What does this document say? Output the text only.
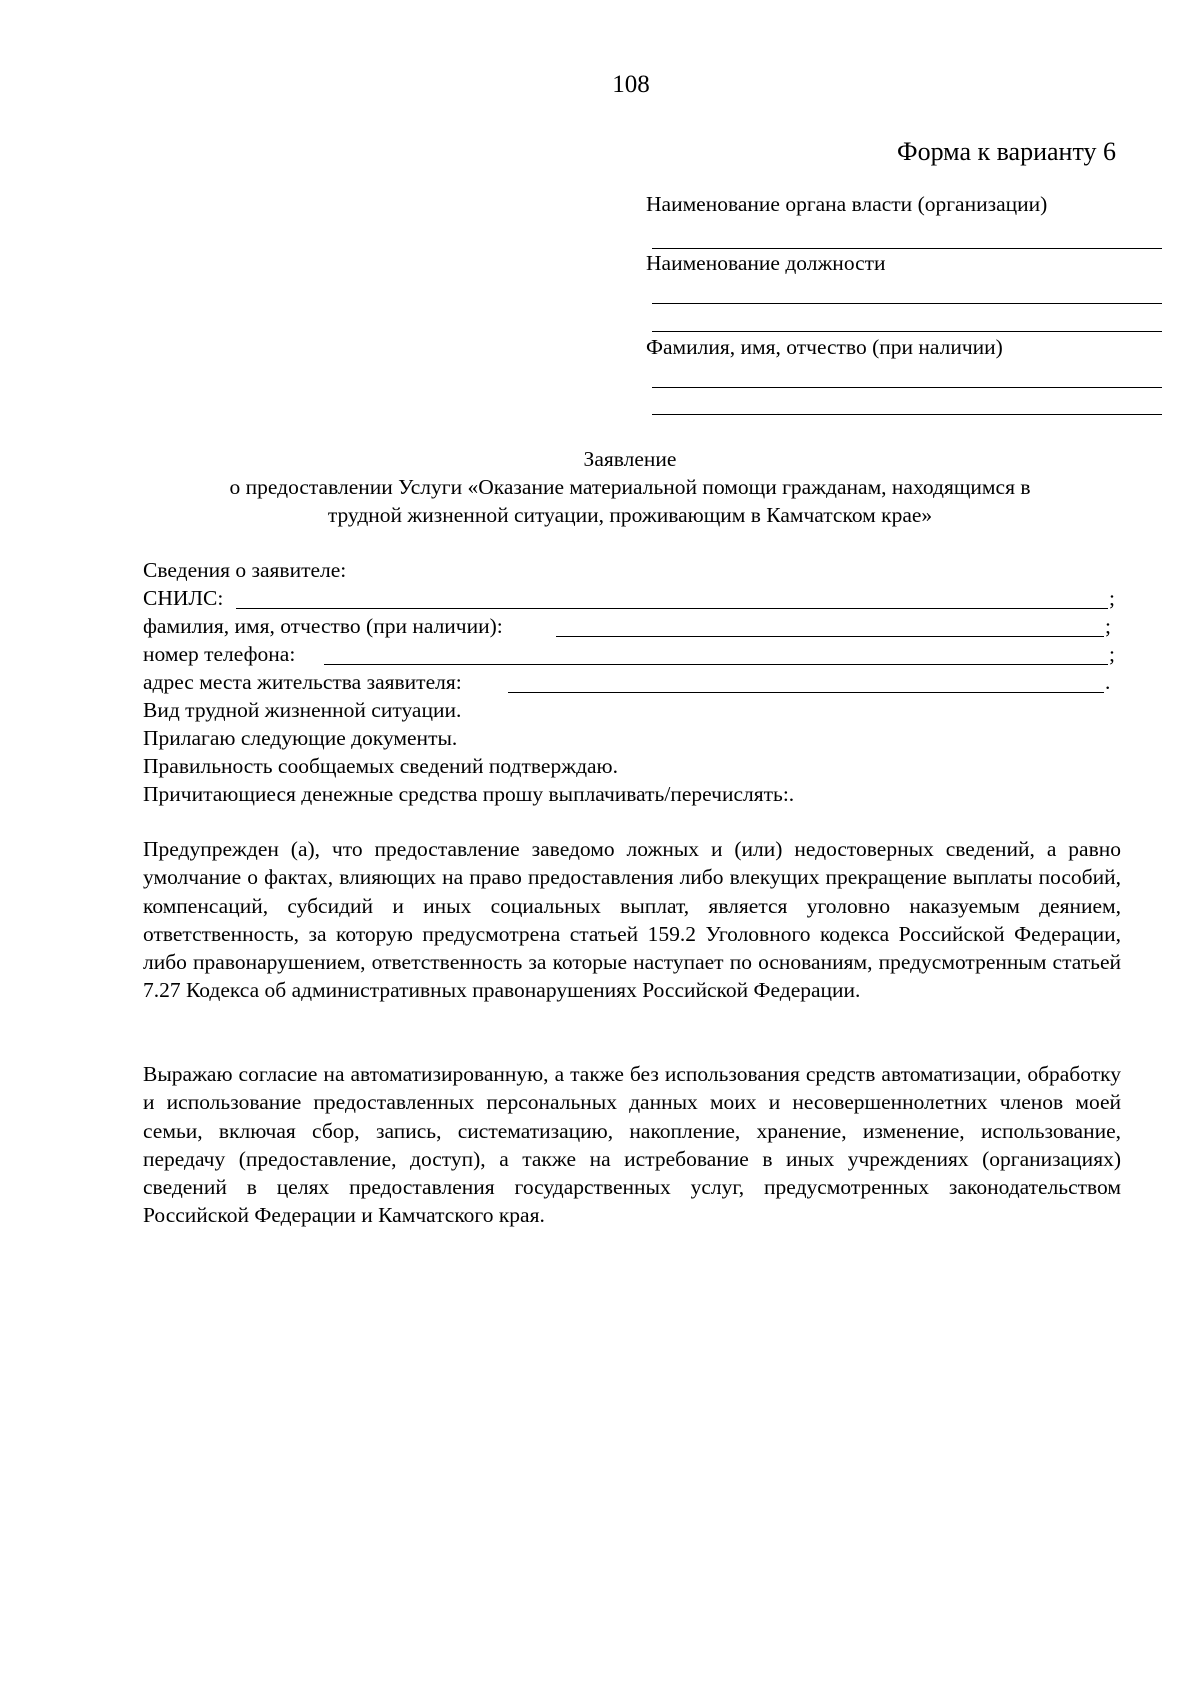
108
Форма к варианту 6
Наименование органа власти (организации)
Наименование должности
Фамилия, имя, отчество (при наличии)
Заявление
о предоставлении Услуги «Оказание материальной помощи гражданам, находящимся в
трудной жизненной ситуации, проживающим в Камчатском крае»
Сведения о заявителе:
СНИЛС:	;
фамилия, имя, отчество (при наличии):	;
номер телефона:	;
адрес места жительства заявителя:	.
Вид трудной жизненной ситуации.
Прилагаю следующие документы.
Правильность сообщаемых сведений подтверждаю.
Причитающиеся денежные средства прошу выплачивать/перечислять:.
Предупрежден (а), что предоставление заведомо ложных и (или) недостоверных сведений, а равно умолчание о фактах, влияющих на право предоставления либо влекущих прекращение выплаты пособий, компенсаций, субсидий и иных социальных выплат, является уголовно наказуемым деянием, ответственность, за которую предусмотрена статьей 159.2 Уголовного кодекса Российской Федерации, либо правонарушением, ответственность за которые наступает по основаниям, предусмотренным статьей 7.27 Кодекса об административных правонарушениях Российской Федерации.
Выражаю согласие на автоматизированную, а также без использования средств автоматизации, обработку и использование предоставленных персональных данных моих и несовершеннолетних членов моей семьи, включая сбор, запись, систематизацию, накопление, хранение, изменение, использование, передачу (предоставление, доступ), а также на истребование в иных учреждениях (организациях) сведений в целях предоставления государственных услуг, предусмотренных законодательством Российской Федерации и Камчатского края.
